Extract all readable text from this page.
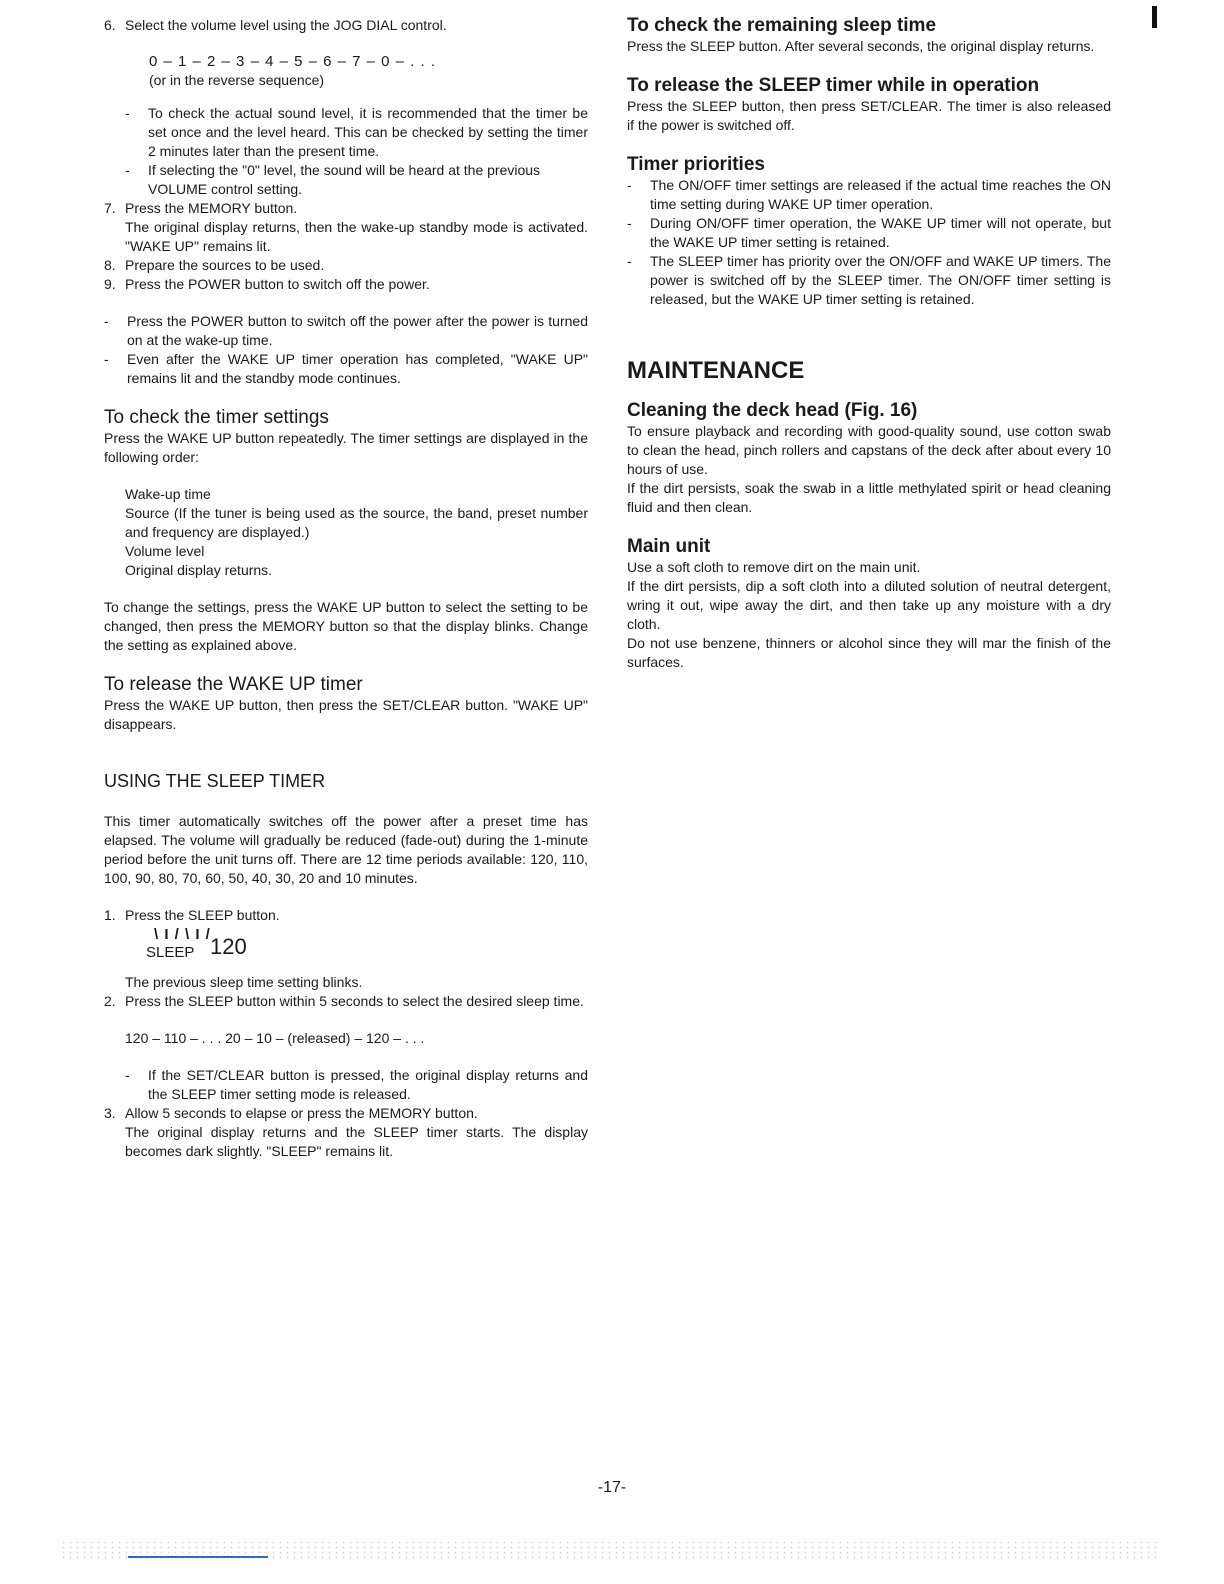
6. Select the volume level using the JOG DIAL control.

0 – 1 – 2 – 3 – 4 – 5 – 6 – 7 – 0 – . . .

(or in the reverse sequence)

- To check the actual sound level, it is recommended that the timer be set once and the level heard. This can be checked by setting the timer 2 minutes later than the present time.

- If selecting the "0" level, the sound will be heard at the previous VOLUME control setting.

7. Press the MEMORY button.

The original display returns, then the wake-up standby mode is activated. "WAKE UP" remains lit.

8. Prepare the sources to be used.

9. Press the POWER button to switch off the power.

- Press the POWER button to switch off the power after the power is turned on at the wake-up time.

- Even after the WAKE UP timer operation has completed, "WAKE UP" remains lit and the standby mode continues.

To check the timer settings

Press the WAKE UP button repeatedly. The timer settings are displayed in the following order:

Wake-up time

Source (If the tuner is being used as the source, the band, preset number and frequency are displayed.)

Volume level

Original display returns.

To change the settings, press the WAKE UP button to select the setting to be changed, then press the MEMORY button so that the display blinks. Change the setting as explained above.

To release the WAKE UP timer

Press the WAKE UP button, then press the SET/CLEAR button. "WAKE UP" disappears.

USING THE SLEEP TIMER

This timer automatically switches off the power after a preset time has elapsed. The volume will gradually be reduced (fade-out) during the 1-minute period before the unit turns off. There are 12 time periods available: 120, 110, 100, 90, 80, 70, 60, 50, 40, 30, 20 and 10 minutes.

1. Press the SLEEP button.

\ I / \ I /
SLEEP 120

The previous sleep time setting blinks.

2. Press the SLEEP button within 5 seconds to select the desired sleep time.

120 – 110 – . . . 20 – 10 – (released) – 120 – . . .

- If the SET/CLEAR button is pressed, the original display returns and the SLEEP timer setting mode is released.

3. Allow 5 seconds to elapse or press the MEMORY button.

The original display returns and the SLEEP timer starts. The display becomes dark slightly. "SLEEP" remains lit.

To check the remaining sleep time

Press the SLEEP button. After several seconds, the original display returns.

To release the SLEEP timer while in operation

Press the SLEEP button, then press SET/CLEAR. The timer is also released if the power is switched off.

Timer priorities

- The ON/OFF timer settings are released if the actual time reaches the ON time setting during WAKE UP timer operation.

- During ON/OFF timer operation, the WAKE UP timer will not operate, but the WAKE UP timer setting is retained.

- The SLEEP timer has priority over the ON/OFF and WAKE UP timers. The power is switched off by the SLEEP timer. The ON/OFF timer setting is released, but the WAKE UP timer setting is retained.

MAINTENANCE
Cleaning the deck head (Fig. 16)

To ensure playback and recording with good-quality sound, use cotton swab to clean the head, pinch rollers and capstans of the deck after about every 10 hours of use.

If the dirt persists, soak the swab in a little methylated spirit or head cleaning fluid and then clean.

Main unit

Use a soft cloth to remove dirt on the main unit.

If the dirt persists, dip a soft cloth into a diluted solution of neutral detergent, wring it out, wipe away the dirt, and then take up any moisture with a dry cloth.

Do not use benzene, thinners or alcohol since they will mar the finish of the surfaces.

-17-
